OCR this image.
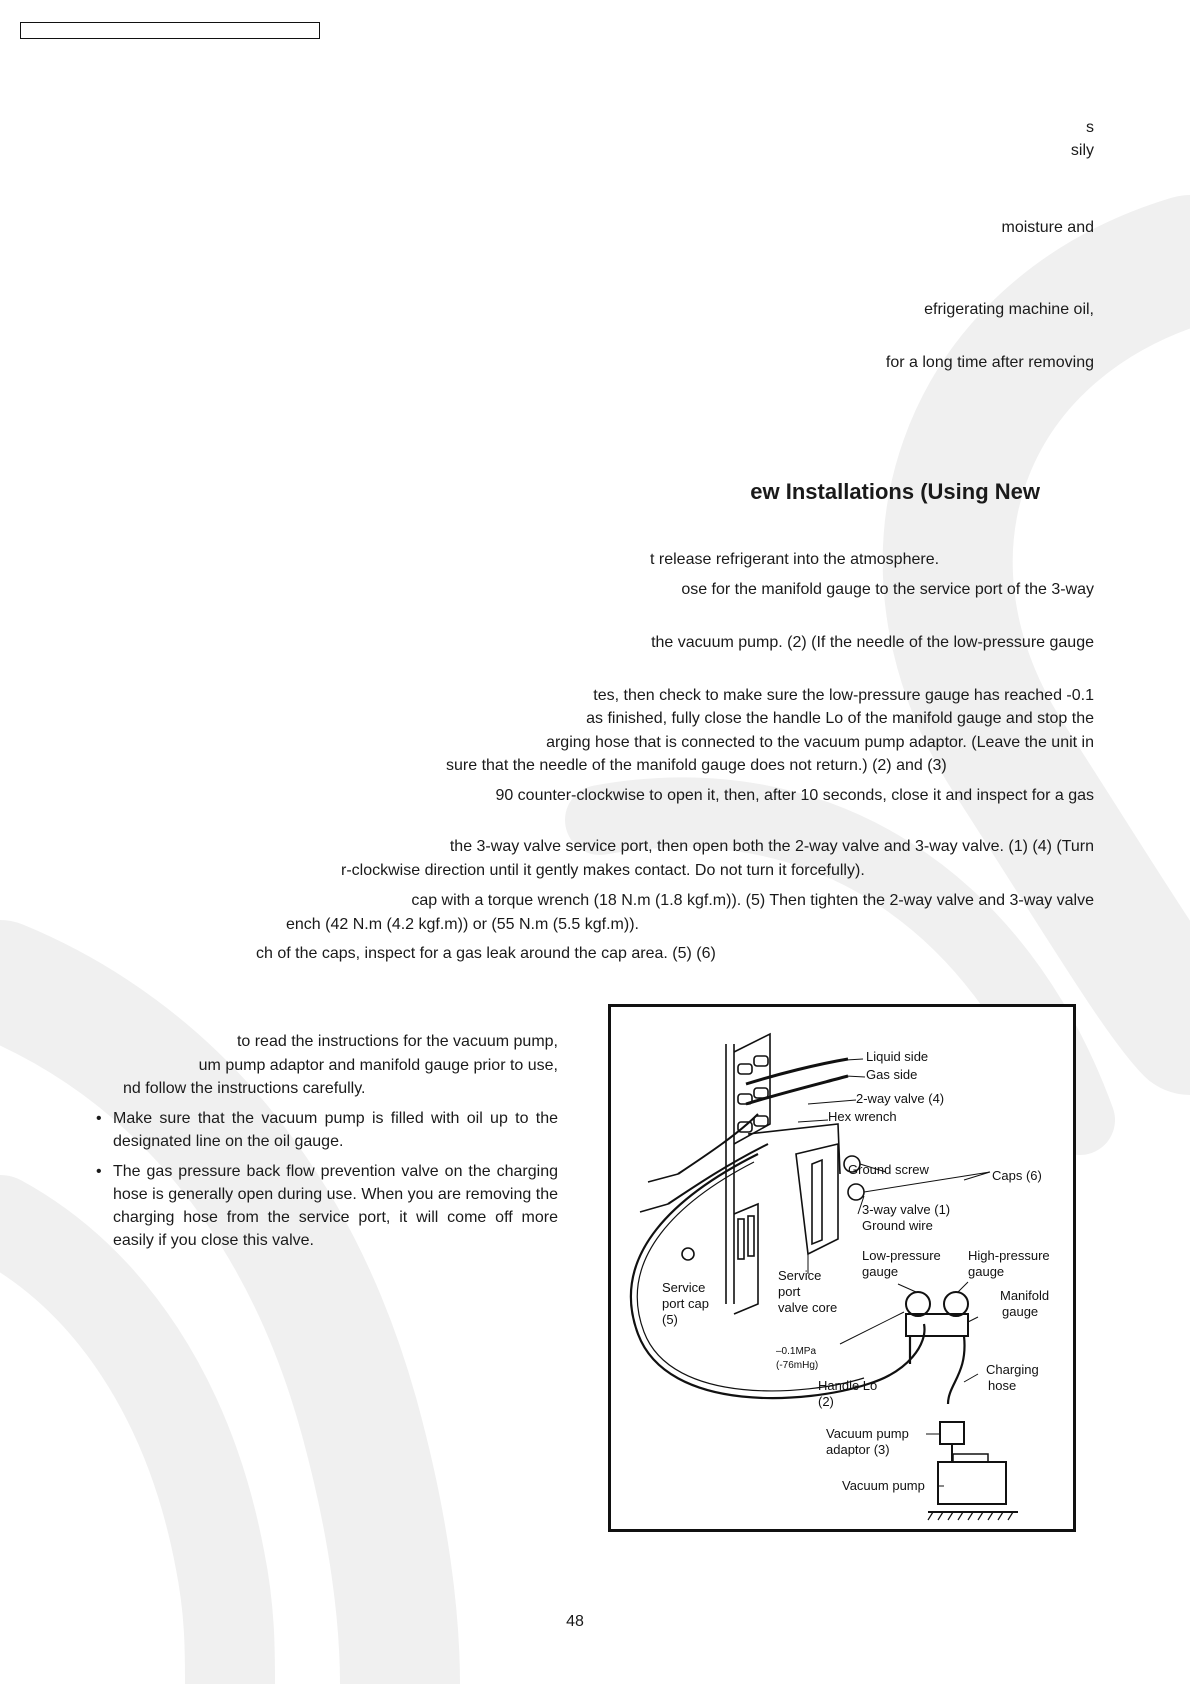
s
sily
moisture and
efrigerating machine oil,
for a long time after removing
ew Installations (Using New
t release refrigerant into the atmosphere.
ose for the manifold gauge to the service port of the 3-way
the vacuum pump. (2) (If the needle of the low-pressure gauge
tes, then check to make sure the low-pressure gauge has reached -0.1
as finished, fully close the handle Lo of the manifold gauge and stop the
arging hose that is connected to the vacuum pump adaptor. (Leave the unit in
sure that the needle of the manifold gauge does not return.) (2) and (3)
90 counter-clockwise to open it, then, after 10 seconds, close it and inspect for a gas
the 3-way valve service port, then open both the 2-way valve and 3-way valve. (1) (4) (Turn
r-clockwise direction until it gently makes contact. Do not turn it forcefully).
cap with a torque wrench (18 N.m (1.8 kgf.m)). (5) Then tighten the 2-way valve and 3-way valve
ench (42 N.m (4.2 kgf.m)) or (55 N.m (5.5 kgf.m)).
ch of the caps, inspect for a gas leak around the cap area. (5) (6)
to read the instructions for the vacuum pump,
um pump adaptor and manifold gauge prior to use,
nd follow the instructions carefully.
• Make sure that the vacuum pump is filled with oil up to the designated line on the oil gauge.
• The gas pressure back flow prevention valve on the charging hose is generally open during use. When you are removing the charging hose from the service port, it will come off more easily if you close this valve.
Liquid side
Gas side
2-way valve (4)
Hex wrench
Ground screw	Caps (6)
3-way valve (1)
Ground wire
Low-pressure
gauge
High-pressure
gauge
Manifold
gauge
Service
port
valve core
Service
port cap
(5)
–0.1MPa
(-76mHg)
Handle Lo
(2)
Charging
hose
Vacuum pump
adaptor (3)
Vacuum pump
48
